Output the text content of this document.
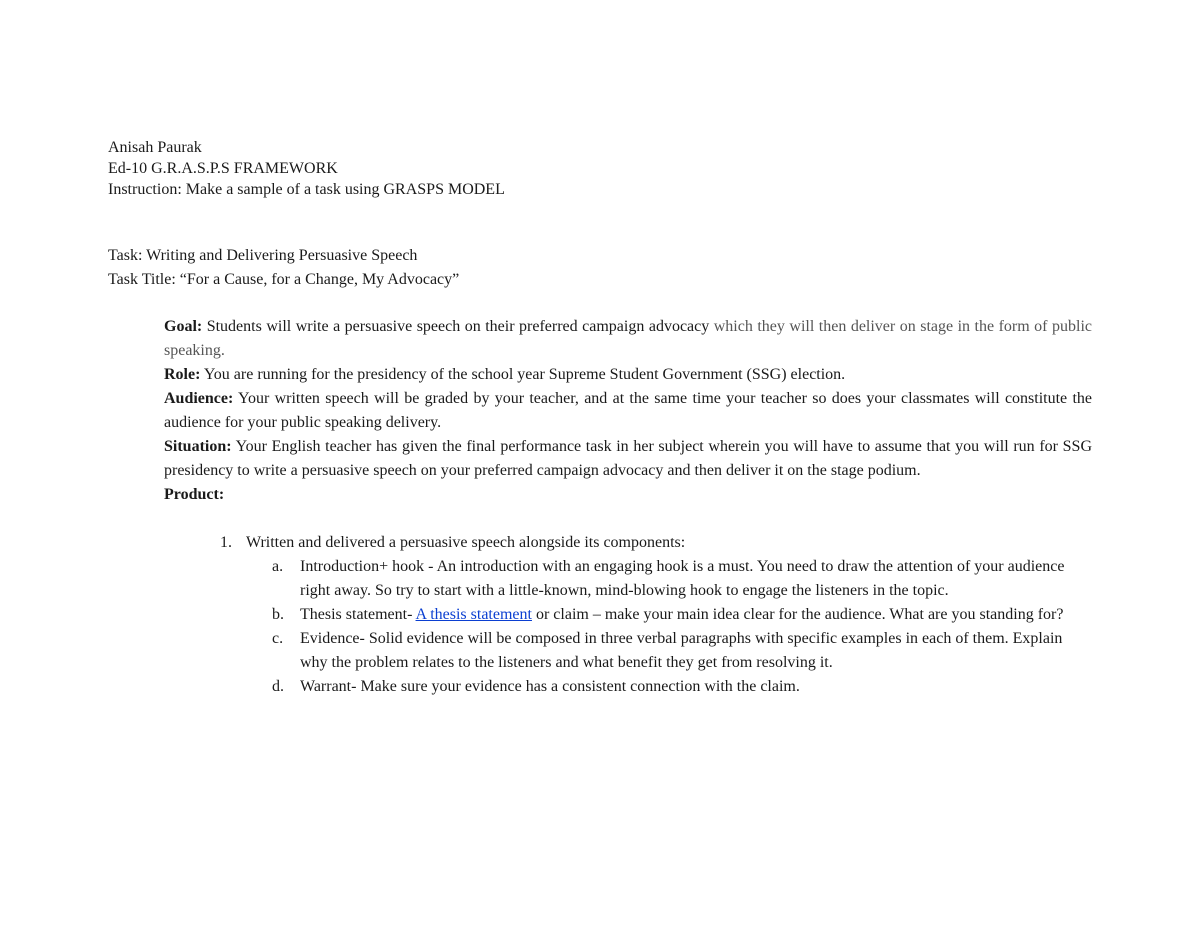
Anisah Paurak
Ed-10 G.R.A.S.P.S FRAMEWORK
Instruction: Make a sample of a task using GRASPS MODEL
Task: Writing and Delivering Persuasive Speech
Task Title: “For a Cause, for a Change, My Advocacy”

Goal: Students will write a persuasive speech on their preferred campaign advocacy which they will then deliver on stage in the form of public speaking.

Role: You are running for the presidency of the school year Supreme Student Government (SSG) election.

Audience: Your written speech will be graded by your teacher, and at the same time your teacher so does your classmates will constitute the audience for your public speaking delivery.

Situation: Your English teacher has given the final performance task in her subject wherein you will have to assume that you will run for SSG presidency to write a persuasive speech on your preferred campaign advocacy and then deliver it on the stage podium.

Product:

1. Written and delivered a persuasive speech alongside its components:
a. Introduction+ hook - An introduction with an engaging hook is a must. You need to draw the attention of your audience right away. So try to start with a little-known, mind-blowing hook to engage the listeners in the topic.
b. Thesis statement- A thesis statement or claim – make your main idea clear for the audience. What are you standing for?
c. Evidence- Solid evidence will be composed in three verbal paragraphs with specific examples in each of them. Explain why the problem relates to the listeners and what benefit they get from resolving it.
d. Warrant- Make sure your evidence has a consistent connection with the claim.
